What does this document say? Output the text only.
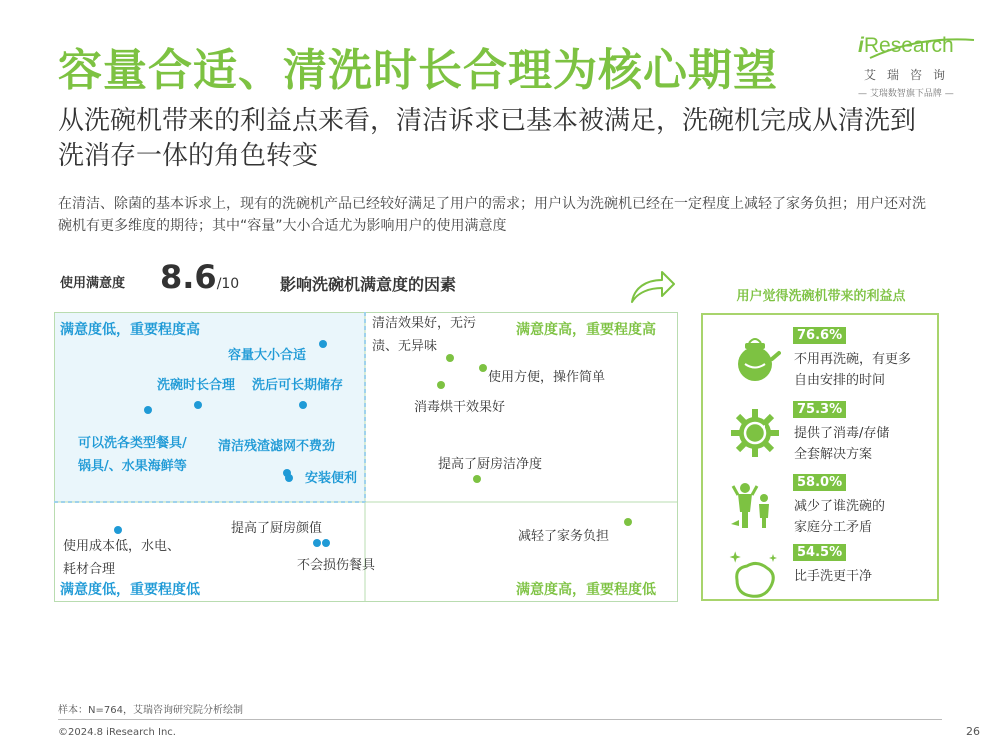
容量合适、清洗时长合理为核心期望
从洗碗机带来的利益点来看，清洁诉求已基本被满足，洗碗机完成从清洗到洗消存一体的角色转变
在清洁、除菌的基本诉求上，现有的洗碗机产品已经较好满足了用户的需求；用户认为洗碗机已经在一定程度上减轻了家务负担；用户还对洗碗机有更多维度的期待；其中“容量”大小合适尤为影响用户的使用满意度
iResearch
艾瑞咨询
— 艾瑞数智旗下品牌 —
使用满意度 8.6/10	影响洗碗机满意度的因素
满意度低，重要程度高	满意度高，重要程度高
满意度低，重要程度低	满意度高，重要程度低
容量大小合适
洗碗时长合理 洗后可长期储存
可以洗各类型餐具/
锅具/、水果海鲜等
清洁残渣滤网不费劲
安装便利
清洁效果好，无污
渍、无异味
使用方便，操作简单
消毒烘干效果好
提高了厨房洁净度
使用成本低，水电、
耗材合理
提高了厨房颜值
不会损伤餐具
减轻了家务负担
用户觉得洗碗机带来的利益点
76.6%
不用再洗碗，有更多
自由安排的时间
75.3%
提供了消毒/存储
全套解决方案
58.0%
减少了谁洗碗的
家庭分工矛盾
54.5%
比手洗更干净
样本：N=764，艾瑞咨询研究院分析绘制
©2024.8 iResearch Inc.	26
